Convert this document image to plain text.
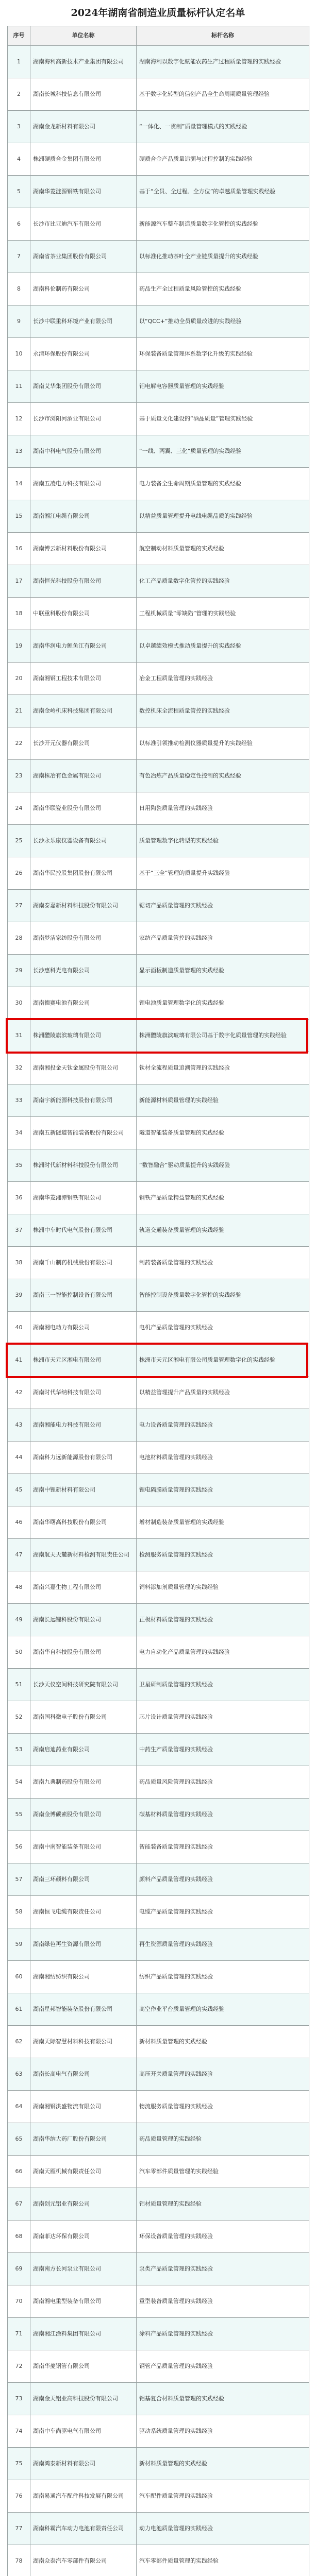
2024年湖南省制造业质量标杆认定名单
序号	单位名称	标杆名称
1	湖南海利高新技术产业集团有限公司	湖南海利以数字化赋能农药生产过程质量管理的实践经验
2	湖南长城科技信息有限公司	基于数字化转型的信创产品全生命周期质量管理经验
3	湖南金龙新材料有限公司	“一体化、一贯制”质量管理模式的实践经验
4	株洲硬质合金集团有限公司	硬质合金产品质量追溯与过程控制的实践经验
5	湖南华菱涟源钢铁有限公司	基于“全员、全过程、全方位”的卓越质量管理实践经验
6	长沙市比亚迪汽车有限公司	新能源汽车整车制造质量数字化管控的实践经验
7	湖南省茶业集团股份有限公司	以标准化推动茶叶全产业链质量提升的实践经验
8	湖南科伦制药有限公司	药品生产全过程质量风险管控的实践经验
9	长沙中联重科环境产业有限公司	以“QCC+”推动全员质量改进的实践经验
10	永清环保股份有限公司	环保装备质量管理体系数字化升级的实践经验
11	湖南艾华集团股份有限公司	铝电解电容器质量管理的实践经验
12	长沙市浏阳河酒业有限公司	基于质量文化建设的“酒品质量”管理实践经验
13	湖南中科电气股份有限公司	“一线、两翼、三化”质量管理的实践经验
14	湖南五凌电力科技有限公司	电力装备全生命周期质量管理的实践经验
15	湖南湘江电缆有限公司	以精益质量管理提升电线电缆品质的实践经验
16	湖南博云新材料股份有限公司	航空制动材料质量管理的实践经验
17	湖南恒光科技股份有限公司	化工产品质量数字化管控的实践经验
18	中联重科股份有限公司	工程机械质量“零缺陷”管理的实践经验
19	湖南华润电力鲤鱼江有限公司	以卓越绩效模式推动质量提升的实践经验
20	湖南湘钢工程技术有限公司	冶金工程质量管理的实践经验
21	湖南金岭机床科技集团有限公司	数控机床全流程质量管控的实践经验
22	长沙开元仪器有限公司	以标准引领推动检测仪器质量提升的实践经验
23	湖南株冶有色金属有限公司	有色冶炼产品质量稳定性控制的实践经验
24	湖南华联瓷业股份有限公司	日用陶瓷质量管理的实践经验
25	长沙永乐康仪器设备有限公司	质量管理数字化转型的实践经验
26	湖南华民控股集团股份有限公司	基于“三全”管理的质量提升实践经验
27	湖南泰嘉新材料科技股份有限公司	锯切产品质量管理的实践经验
28	湖南梦洁家纺股份有限公司	家纺产品质量管控的实践经验
29	长沙惠科光电有限公司	显示面板制造质量管理的实践经验
30	湖南德赛电池有限公司	锂电池质量管理数字化的实践经验
31	株洲醴陵旗滨玻璃有限公司	株洲醴陵旗滨玻璃有限公司基于数字化质量管理的实践经验
32	湖南湘投金天钛金属股份有限公司	钛材全流程质量追溯管理的实践经验
33	湖南宇新能源科技股份有限公司	新能源材料质量管理的实践经验
34	湖南五新隧道智能装备股份有限公司	隧道智能装备质量管理的实践经验
35	株洲时代新材料科技股份有限公司	“数智融合”驱动质量提升的实践经验
36	湖南华菱湘潭钢铁有限公司	钢铁产品质量精益管理的实践经验
37	株洲中车时代电气股份有限公司	轨道交通装备质量管理的实践经验
38	湖南千山制药机械股份有限公司	制药装备质量管理的实践经验
39	湖南三一智能控制设备有限公司	智能控制设备质量数字化管控的实践经验
40	湖南湘电动力有限公司	电机产品质量管理的实践经验
41	株洲市天元区湘电有限公司	株洲市天元区湘电有限公司质量管理数字化的实践经验
42	湖南时代华纳科技有限公司	以精益管理提升产品质量的实践经验
43	湖南湘能电力科技有限公司	电力设备质量管理的实践经验
44	湖南科力远新能源股份有限公司	电池材料质量管理的实践经验
45	湖南中锂新材料有限公司	锂电隔膜质量管理的实践经验
46	湖南华曙高科技股份有限公司	增材制造装备质量管理的实践经验
47	湖南航天天麓新材料检测有限责任公司	检测服务质量管理的实践经验
48	湖南兴嘉生物工程有限公司	饲料添加剂质量管理的实践经验
49	湖南长远锂科股份有限公司	正极材料质量管理的实践经验
50	湖南华自科技股份有限公司	电力自动化产品质量管理的实践经验
51	长沙天仪空间科技研究院有限公司	卫星研制质量管理的实践经验
52	湖南国科微电子股份有限公司	芯片设计质量管理的实践经验
53	湖南启迪药业有限公司	中药生产质量管理的实践经验
54	湖南九典制药股份有限公司	药品质量风险管理的实践经验
55	湖南金博碳素股份有限公司	碳基材料质量管理的实践经验
56	湖南中南智能装备有限公司	智能装备质量管理的实践经验
57	湖南三环颜料有限公司	颜料产品质量管理的实践经验
58	湖南恒飞电缆有限责任公司	电缆产品质量管理的实践经验
59	湖南绿色再生资源有限公司	再生资源质量管理的实践经验
60	湖南湘纺纺织有限公司	纺织产品质量管理的实践经验
61	湖南星邦智能装备股份有限公司	高空作业平台质量管理的实践经验
62	湖南天际智慧材料科技有限公司	新材料质量管理的实践经验
63	湖南长高电气有限公司	高压开关质量管理的实践经验
64	湖南湘钢洪盛物流有限公司	物流服务质量管理的实践经验
65	湖南华纳大药厂股份有限公司	药品质量管理的实践经验
66	湖南天雁机械有限责任公司	汽车零部件质量管理的实践经验
67	湖南创元铝业有限公司	铝材质量管理的实践经验
68	湖南菲达环保有限公司	环保设备质量管理的实践经验
69	湖南南方长河泵业有限公司	泵类产品质量管理的实践经验
70	湖南湘电重型装备有限公司	重型装备质量管理的实践经验
71	湖南湘江涂料集团有限公司	涂料产品质量管理的实践经验
72	湖南华菱钢管有限公司	钢管产品质量管理的实践经验
73	湖南金天铝业高科技股份有限公司	铝基复合材料质量管理的实践经验
74	湖南中车尚驱电气有限公司	驱动系统质量管理的实践经验
75	湖南鸿泰新材料有限公司	新材料质量管理的实践经验
76	湖南易通汽车配件科技发展有限公司	汽车配件质量管理的实践经验
77	湖南科霸汽车动力电池有限责任公司	动力电池质量管理的实践经验
78	湖南众泰汽车零部件有限公司	汽车零部件质量管理的实践经验
